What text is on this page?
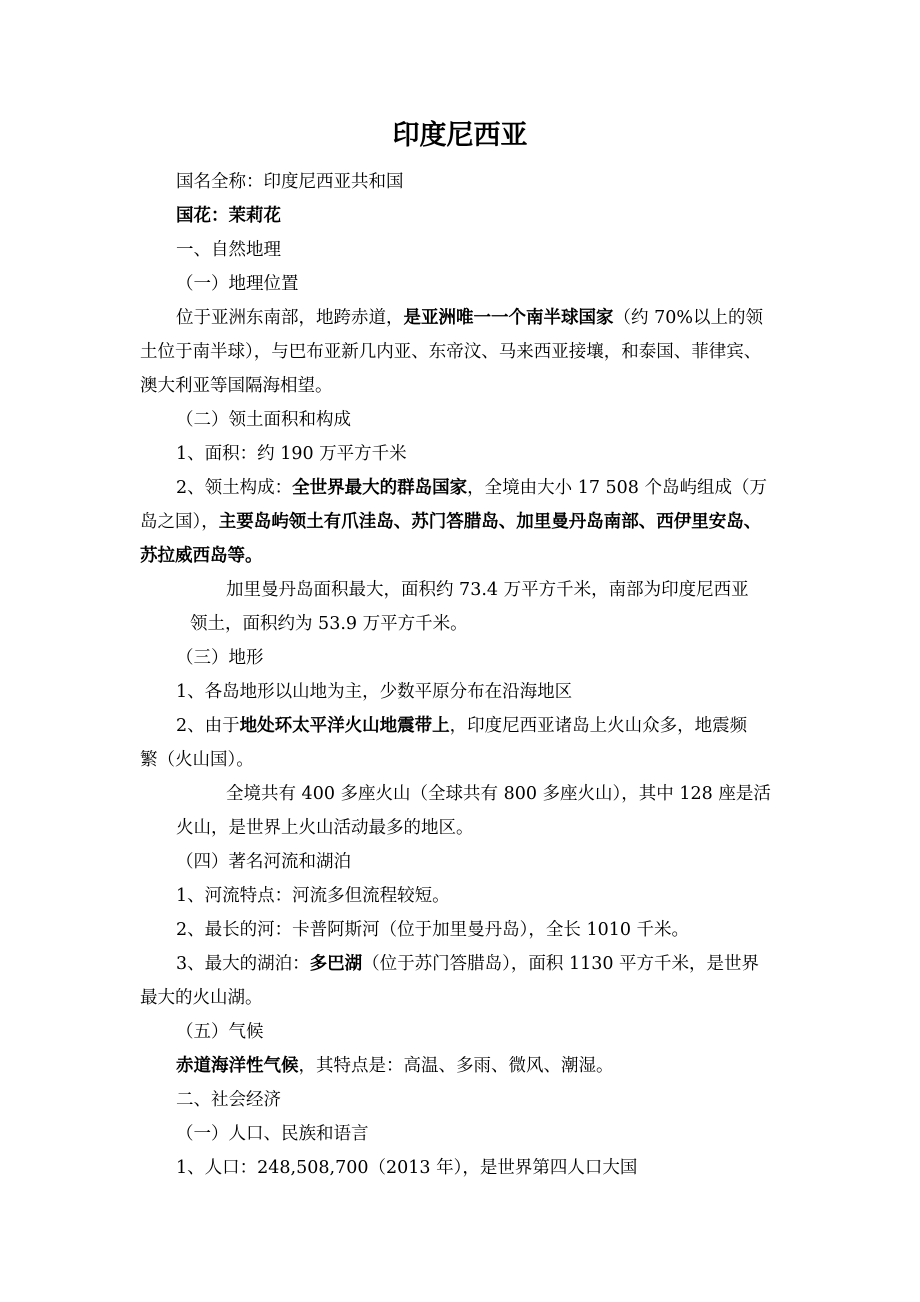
印度尼西亚
国名全称：印度尼西亚共和国
国花：茉莉花
一、自然地理
（一）地理位置
位于亚洲东南部，地跨赤道，是亚洲唯一一个南半球国家（约 70%以上的领
土位于南半球），与巴布亚新几内亚、东帝汶、马来西亚接壤，和泰国、菲律宾、
澳大利亚等国隔海相望。
（二）领土面积和构成
1、面积：约 190 万平方千米
2、领土构成：全世界最大的群岛国家，全境由大小 17 508 个岛屿组成（万
岛之国），主要岛屿领土有爪洼岛、苏门答腊岛、加里曼丹岛南部、西伊里安岛、
苏拉威西岛等。
加里曼丹岛面积最大，面积约 73.4 万平方千米，南部为印度尼西亚
领土，面积约为 53.9 万平方千米。
（三）地形
1、各岛地形以山地为主，少数平原分布在沿海地区
2、由于地处环太平洋火山地震带上，印度尼西亚诸岛上火山众多，地震频
繁（火山国）。
全境共有 400 多座火山（全球共有 800 多座火山），其中 128 座是活
火山，是世界上火山活动最多的地区。
（四）著名河流和湖泊
1、河流特点：河流多但流程较短。
2、最长的河：卡普阿斯河（位于加里曼丹岛），全长 1010 千米。
3、最大的湖泊：多巴湖（位于苏门答腊岛），面积 1130 平方千米，是世界
最大的火山湖。
（五）气候
赤道海洋性气候，其特点是：高温、多雨、微风、潮湿。
二、社会经济
（一）人口、民族和语言
1、人口：248,508,700（2013 年），是世界第四人口大国
